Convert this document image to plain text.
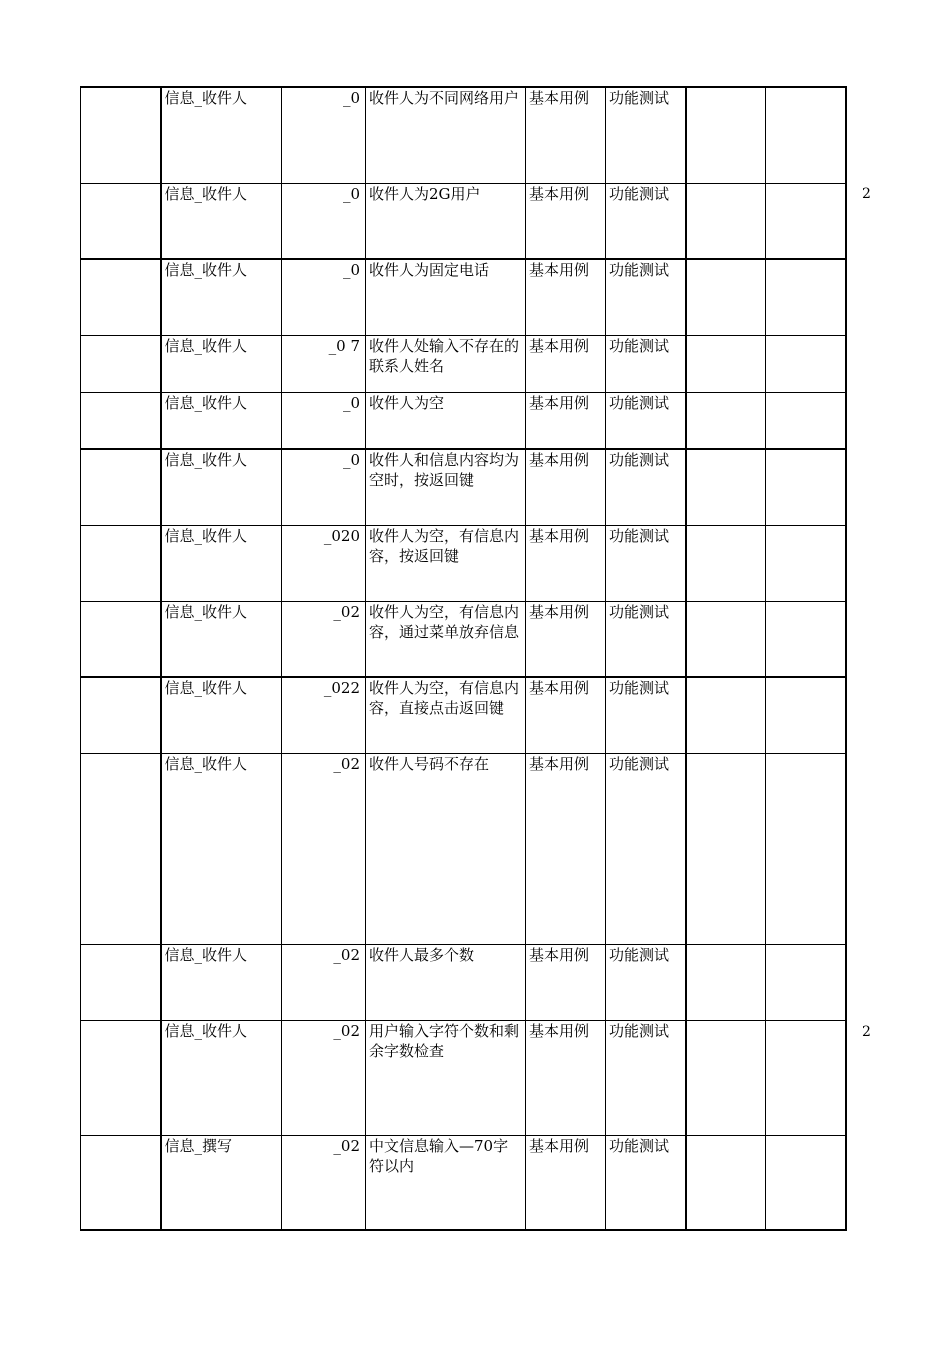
	信息_收件人	_0	收件人为不同网络用户	基本用例	功能测试		
	信息_收件人	_0	收件人为2G用户	基本用例	功能测试		
	信息_收件人	_0	收件人为固定电话	基本用例	功能测试		
	信息_收件人	_0 7	收件人处输入不存在的联系人姓名	基本用例	功能测试		
	信息_收件人	_0	收件人为空	基本用例	功能测试		
	信息_收件人	_0	收件人和信息内容均为空时，按返回键	基本用例	功能测试		
	信息_收件人	_020	收件人为空，有信息内容，按返回键	基本用例	功能测试		
	信息_收件人	_02	收件人为空，有信息内容，通过菜单放弃信息	基本用例	功能测试		
	信息_收件人	_022	收件人为空，有信息内容，直接点击返回键	基本用例	功能测试		
	信息_收件人	_02	收件人号码不存在	基本用例	功能测试		
	信息_收件人	_02	收件人最多个数	基本用例	功能测试		
	信息_收件人	_02	用户输入字符个数和剩余字数检查	基本用例	功能测试		
	信息_撰写	_02	中文信息输入—70字符以内	基本用例	功能测试		
2
2
